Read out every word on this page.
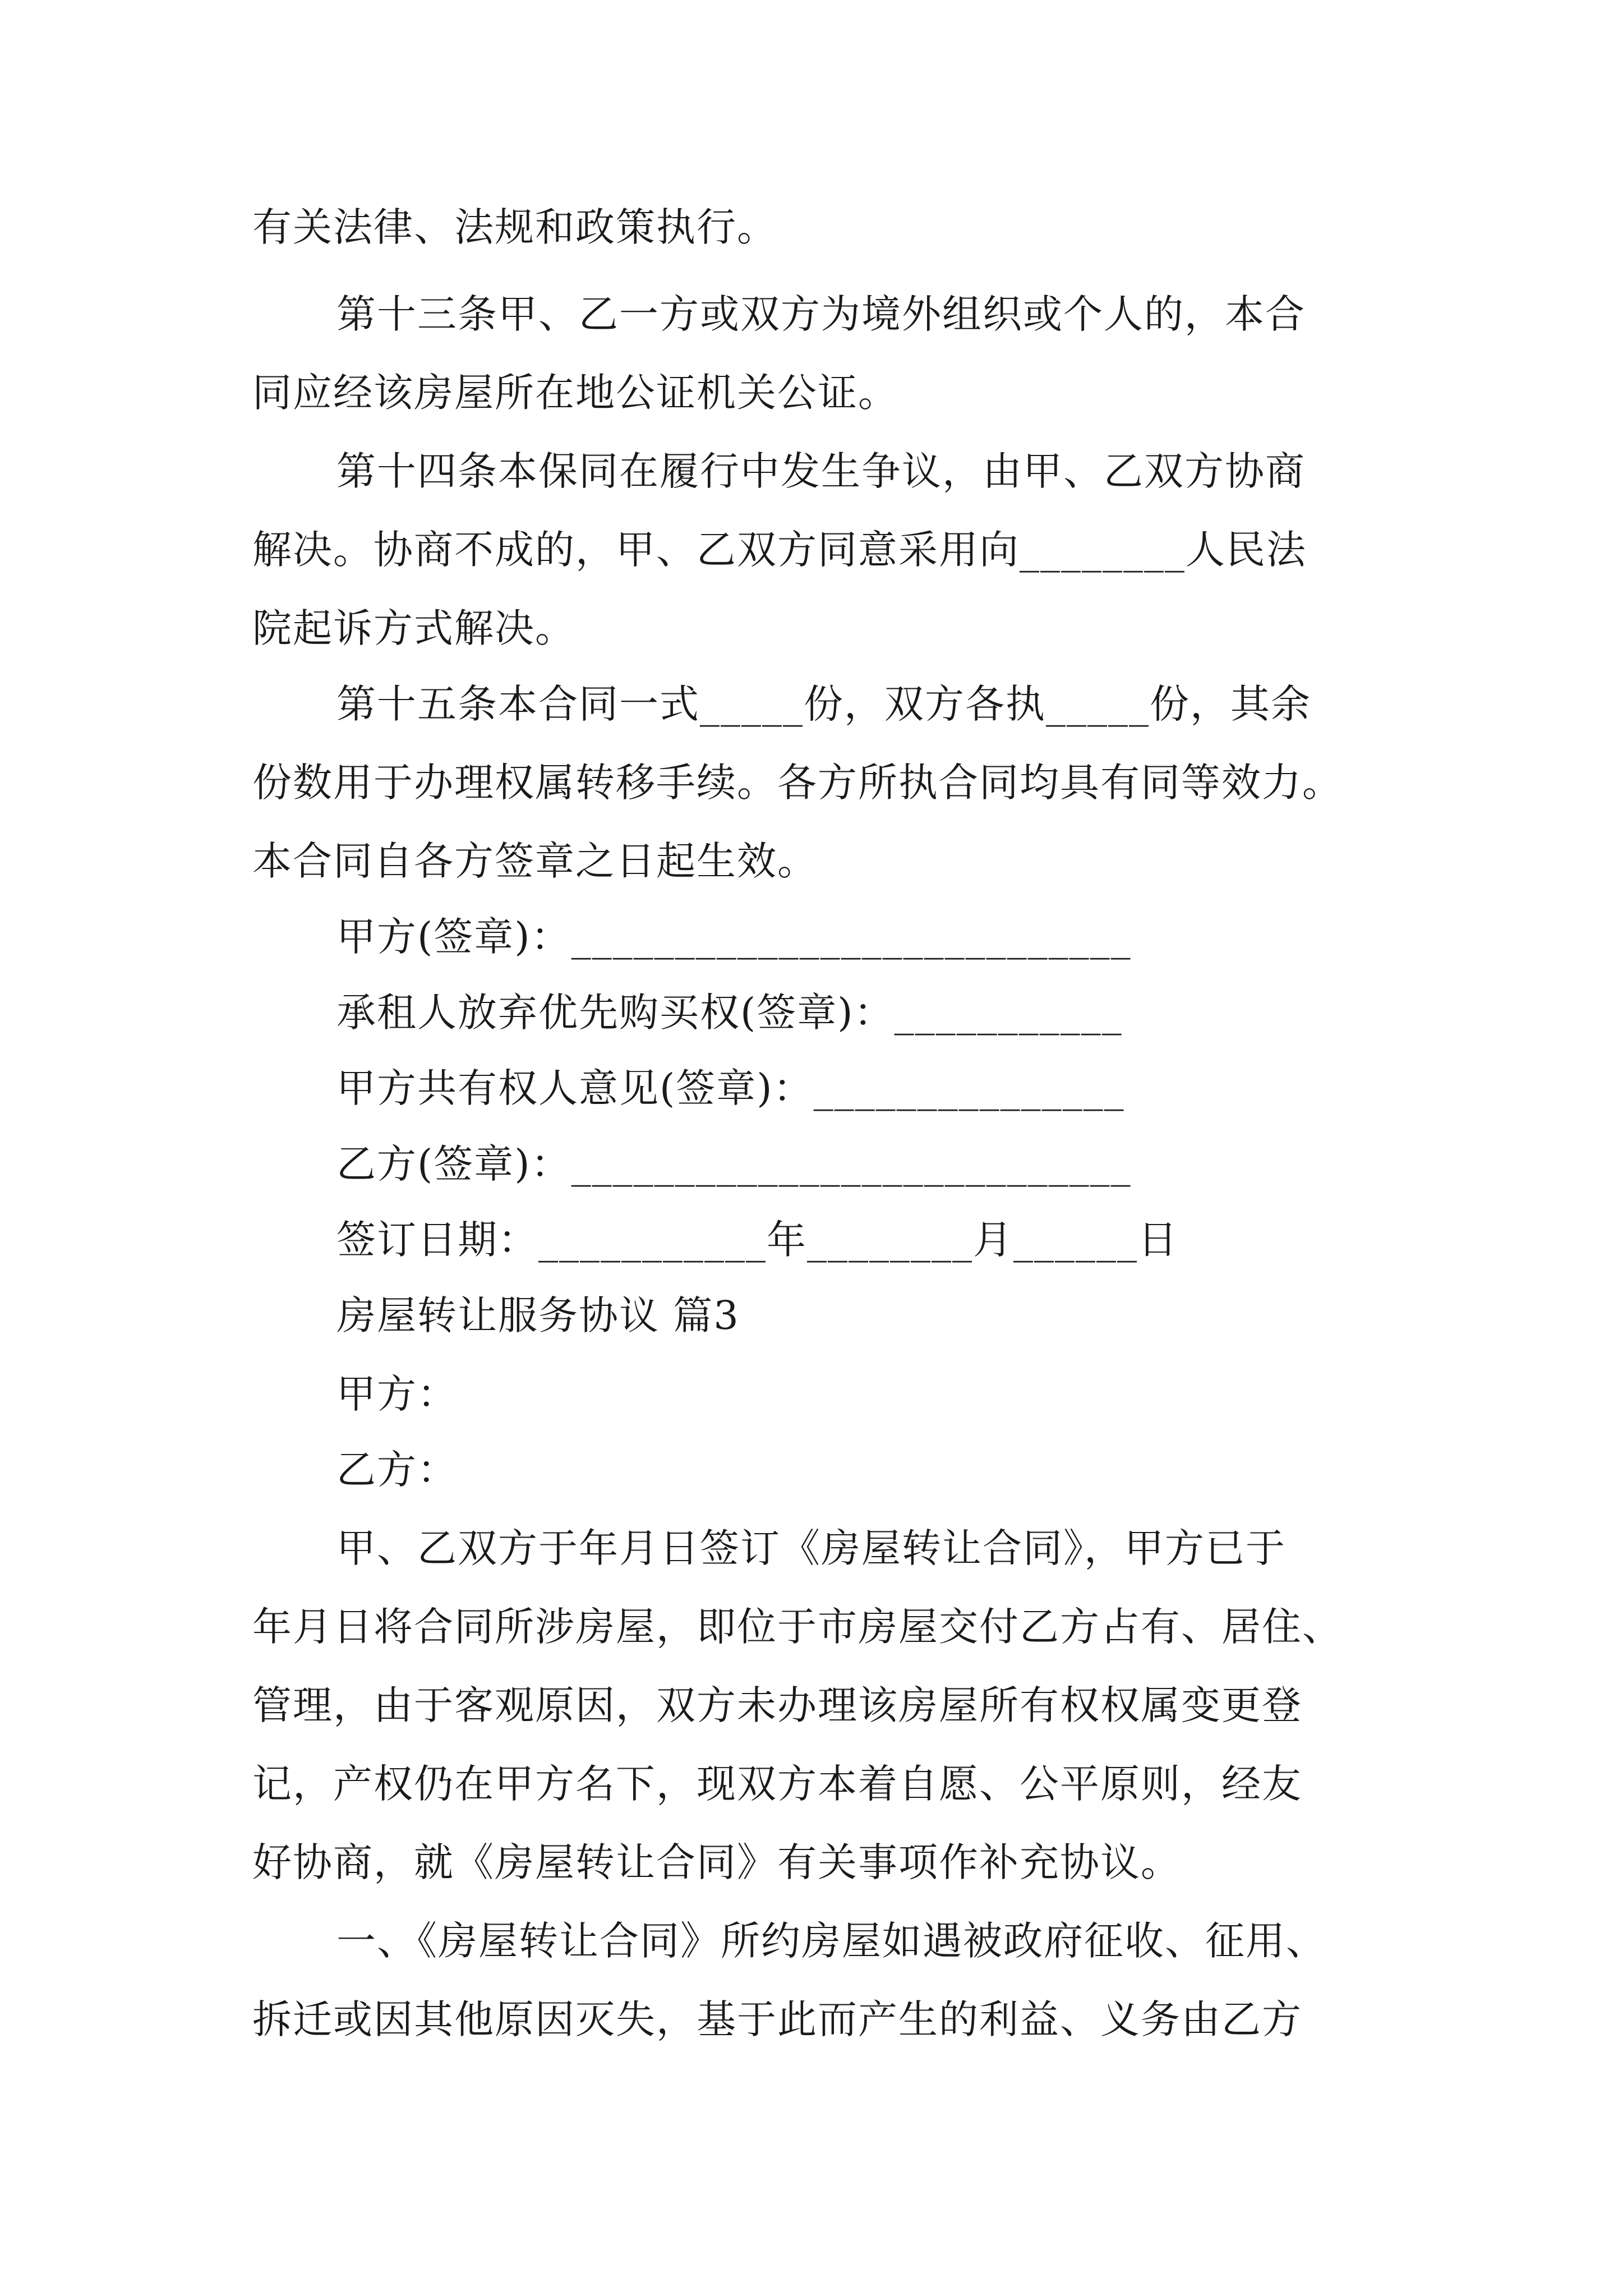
有关法律、法规和政策执行。
第十三条甲、乙一方或双方为境外组织或个人的，本合
同应经该房屋所在地公证机关公证。
第十四条本保同在履行中发生争议，由甲、乙双方协商
解决。协商不成的，甲、乙双方同意采用向________人民法
院起诉方式解决。
第十五条本合同一式_____份，双方各执_____份，其余
份数用于办理权属转移手续。各方所执合同均具有同等效力。
本合同自各方签章之日起生效。
甲方(签章)：___________________________
承租人放弃优先购买权(签章)：___________
甲方共有权人意见(签章)：_______________
乙方(签章)：___________________________
签订日期：___________年________月______日
房屋转让服务协议 篇3
甲方：
乙方：
甲、乙双方于年月日签订《房屋转让合同》，甲方已于
年月日将合同所涉房屋，即位于市房屋交付乙方占有、居住、
管理，由于客观原因，双方未办理该房屋所有权权属变更登
记，产权仍在甲方名下，现双方本着自愿、公平原则，经友
好协商，就《房屋转让合同》有关事项作补充协议。
一、《房屋转让合同》所约房屋如遇被政府征收、征用、
拆迁或因其他原因灭失，基于此而产生的利益、义务由乙方
